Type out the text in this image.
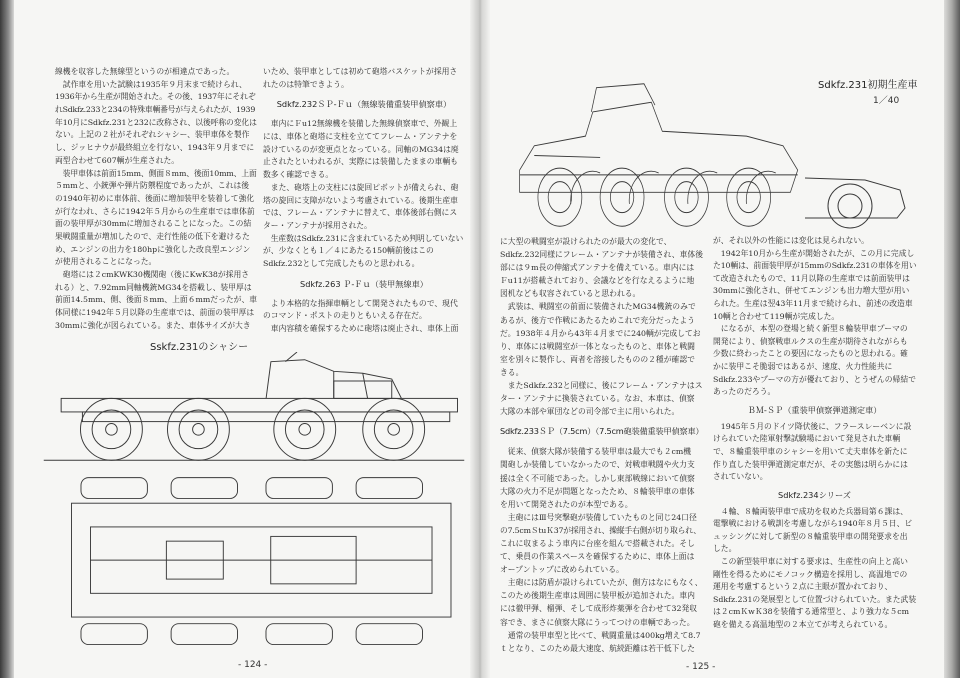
線機を収容した無線型というのが相違点であった。
　試作車を用いた試験は1935年９月末まで続けられ、
1936年から生産が開始された。その後、1937年にそれぞ
れSdkfz.233と234の特殊車輌番号が与えられたが、1939
年10月にSdkfz.231と232に改称され、以後呼称の変化は
ない。上記の２社がそれぞれシャシー、装甲車体を製作
し、ジッヒナウが最終組立を行ない、1943年９月までに
両型合わせて607輌が生産された。
　装甲車体は前面15mm、側面８mm、後面10mm、上面
５mmと、小銃弾や弾片防禦程度であったが、これは後
の1940年初めに車体前、後面に増加装甲を装着して強化
が行なわれ、さらに1942年５月からの生産車では車体前
面の装甲厚が30mmに増加されることになった。この結
果戦闘重量が増加したので、走行性能の低下を避けるた
め、エンジンの出力を180hpに強化した改良型エンジン
が使用されることになった。
　砲塔には２cmKWK30機関砲（後にKwK38が採用さ
れる）と、7.92mm同軸機銃MG34を搭載し、装甲厚は
前面14.5mm、側、後面８mm、上面６mmだったが、車
体同様に1942年５月以降の生産車では、前面の装甲厚は
30mmに強化が図られている。また、車体サイズが大き
いため、装甲車としては初めて砲塔バスケットが採用さ
れたのは特筆できよう。
Sdkfz.232ＳＰ-Ｆｕ（無線装備重装甲偵察車）
　車内にＦu12無線機を装備した無線偵察車で、外観上
には、車体と砲塔に支柱を立ててフレーム・アンテナを
設けているのが変更点となっている。同軸のMG34は廃
止されたといわれるが、実際には装備したままの車輌も
数多く確認できる。
　また、砲塔上の支柱には旋回ピボットが備えられ、砲
塔の旋回に支障がないよう考慮されている。後期生産車
では、フレーム・アンテナに替えて、車体後部右側にス
ター・アンテナが採用された。
　生産数はSdkfz.231に含まれているため判明していない
が、少なくとも１／４にあたる150輌前後はこの
Sdkfz.232として完成したものと思われる。
Sdkfz.263 Ｐ-Ｆｕ（装甲無線車）
　より本格的な指揮車輌として開発されたもので、現代
のコマンド・ポストの走りともいえる存在だ。
　車内容積を確保するために砲塔は廃止され、車体上面
に大型の戦闘室が設けられたのが最大の変化で、
Sdkfz.232同様にフレーム・アンテナが装備され、車体後
部には９m長の伸縮式アンテナを備えている。車内には
Ｆu11が搭載されており、会議などを行なえるように地
図机なども収容されていると思われる。
　武装は、戦闘室の前面に装備されたMG34機銃のみで
あるが、後方で作戦にあたるためこれで充分だったよう
だ。1938年４月から43年４月までに240輌が完成してお
り、車体には戦闘室が一体となったものと、車体と戦闘
室を別々に製作し、両者を溶接したものの２種が確認で
きる。
　またSdkfz.232と同様に、後にフレーム・アンテナはス
ター・アンテナに換装されている。なお、本車は、偵察
大隊の本部や軍団などの司令部で主に用いられた。
Sdkfz.233ＳＰ（7.5cm）（7.5cm砲装備重装甲偵察車）
　従来、偵察大隊が装備する装甲車は最大でも２cm機
関砲しか装備していなかったので、対戦車戦闘や火力支
援は全く不可能であった。しかし東部戦線において偵察
大隊の火力不足が問題となったため、８輪装甲車の車体
を用いて開発されたのが本型である。
　主砲にはⅢ号突撃砲が装備していたものと同じ24口径
の7.5cmＳtuＫ37が採用され、操縦手右側が切り取られ、
これに収まるよう車内に台座を組んで搭載された。そし
て、乗員の作業スペースを確保するために、車体上面は
オープントップに改められている。
　主砲には防盾が設けられていたが、側方はなにもなく、
このため後期生産車は周囲に装甲板が追加された。車内
には徹甲弾、榴弾、そして成形炸薬弾を合わせて32発収
容でき、まさに偵察大隊にうってつけの車輌であった。
　通常の装甲車型と比べて、戦闘重量は400kg増えて8.7
ｔとなり、このため最大速度、航続距離は若干低下した
が、それ以外の性能には変化は見られない。
　1942年10月から生産が開始されたが、この月に完成し
た10輌は、前面装甲厚が15mmのSdkfz.231の車体を用い
て改造されたもので、11月以降の生産車では前面装甲は
30mmに強化され、併せてエンジンも出力増大型が用い
られた。生産は翌43年11月まで続けられ、前述の改造車
10輌と合わせて119輌が完成した。
　になるが、本型の登場と続く新型８輪装甲車プーマの
開発により、偵察戦車ルクスの生産が期待されながらも
少数に終わったことの要因になったものと思われる。確
かに装甲こそ脆弱ではあるが、速度、火力性能共に
Sdkfz.233やプーマの方が優れており、とうぜんの帰結で
あったのだろう。
ＢＭ-ＳＰ（重装甲偵察弾道測定車）
　1945年５月のドイツ降伏後に、フラースレーベンに設
けられていた陸軍射撃試験場において発見された車輌
で、８輪重装甲車のシャシーを用いて丈夫車体を新たに
作り直した装甲弾道測定車だが、その実態は明らかには
されていない。
Sdkfz.234シリーズ
　４輪、８輪両装甲車で成功を収めた兵器局第６課は、
電撃戦における戦訓を考慮しながら1940年８月５日、ビ
ュッシングに対して新型の８輪重装甲車の開発要求を出
した。
　この新型装甲車に対する要求は、生産性の向上と高い
剛性を得るためにモノコック構造を採用し、高温地での
運用を考慮するという２点に主眼が置かれており、
Sdkfz.231の発展型として位置づけられていた。また武装
は２cmＫwＫ38を装備する通常型と、より強力な５cm
砲を備える高温地型の２本立てが考えられている。
Sskfz.231のシャシー
Sdkfz.231初期生産車
1／40
- 124 -	- 125 -
